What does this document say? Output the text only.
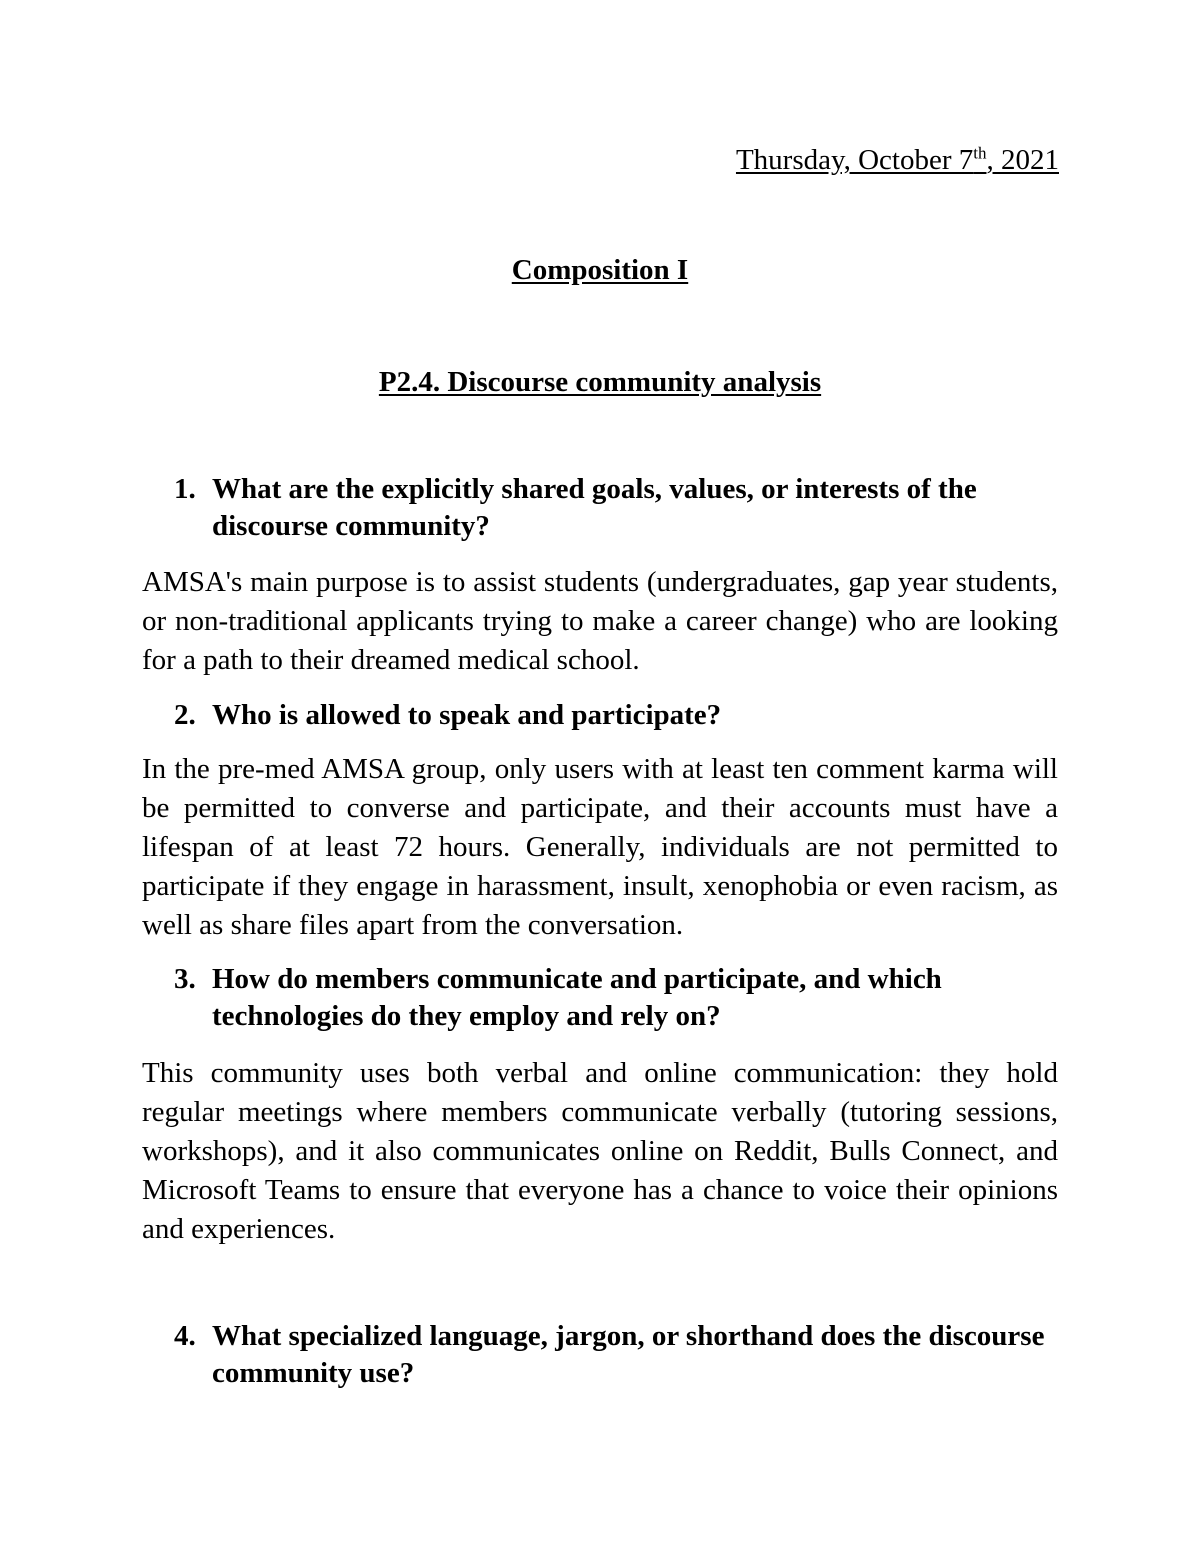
Thursday, October 7th, 2021
Composition I
P2.4. Discourse community analysis
1. What are the explicitly shared goals, values, or interests of the discourse community?
AMSA's main purpose is to assist students (undergraduates, gap year students, or non-traditional applicants trying to make a career change) who are looking for a path to their dreamed medical school.
2. Who is allowed to speak and participate?
In the pre-med AMSA group, only users with at least ten comment karma will be permitted to converse and participate, and their accounts must have a lifespan of at least 72 hours. Generally, individuals are not permitted to participate if they engage in harassment, insult, xenophobia or even racism, as well as share files apart from the conversation.
3. How do members communicate and participate, and which technologies do they employ and rely on?
This community uses both verbal and online communication: they hold regular meetings where members communicate verbally (tutoring sessions, workshops), and it also communicates online on Reddit, Bulls Connect, and Microsoft Teams to ensure that everyone has a chance to voice their opinions and experiences.
4. What specialized language, jargon, or shorthand does the discourse community use?
